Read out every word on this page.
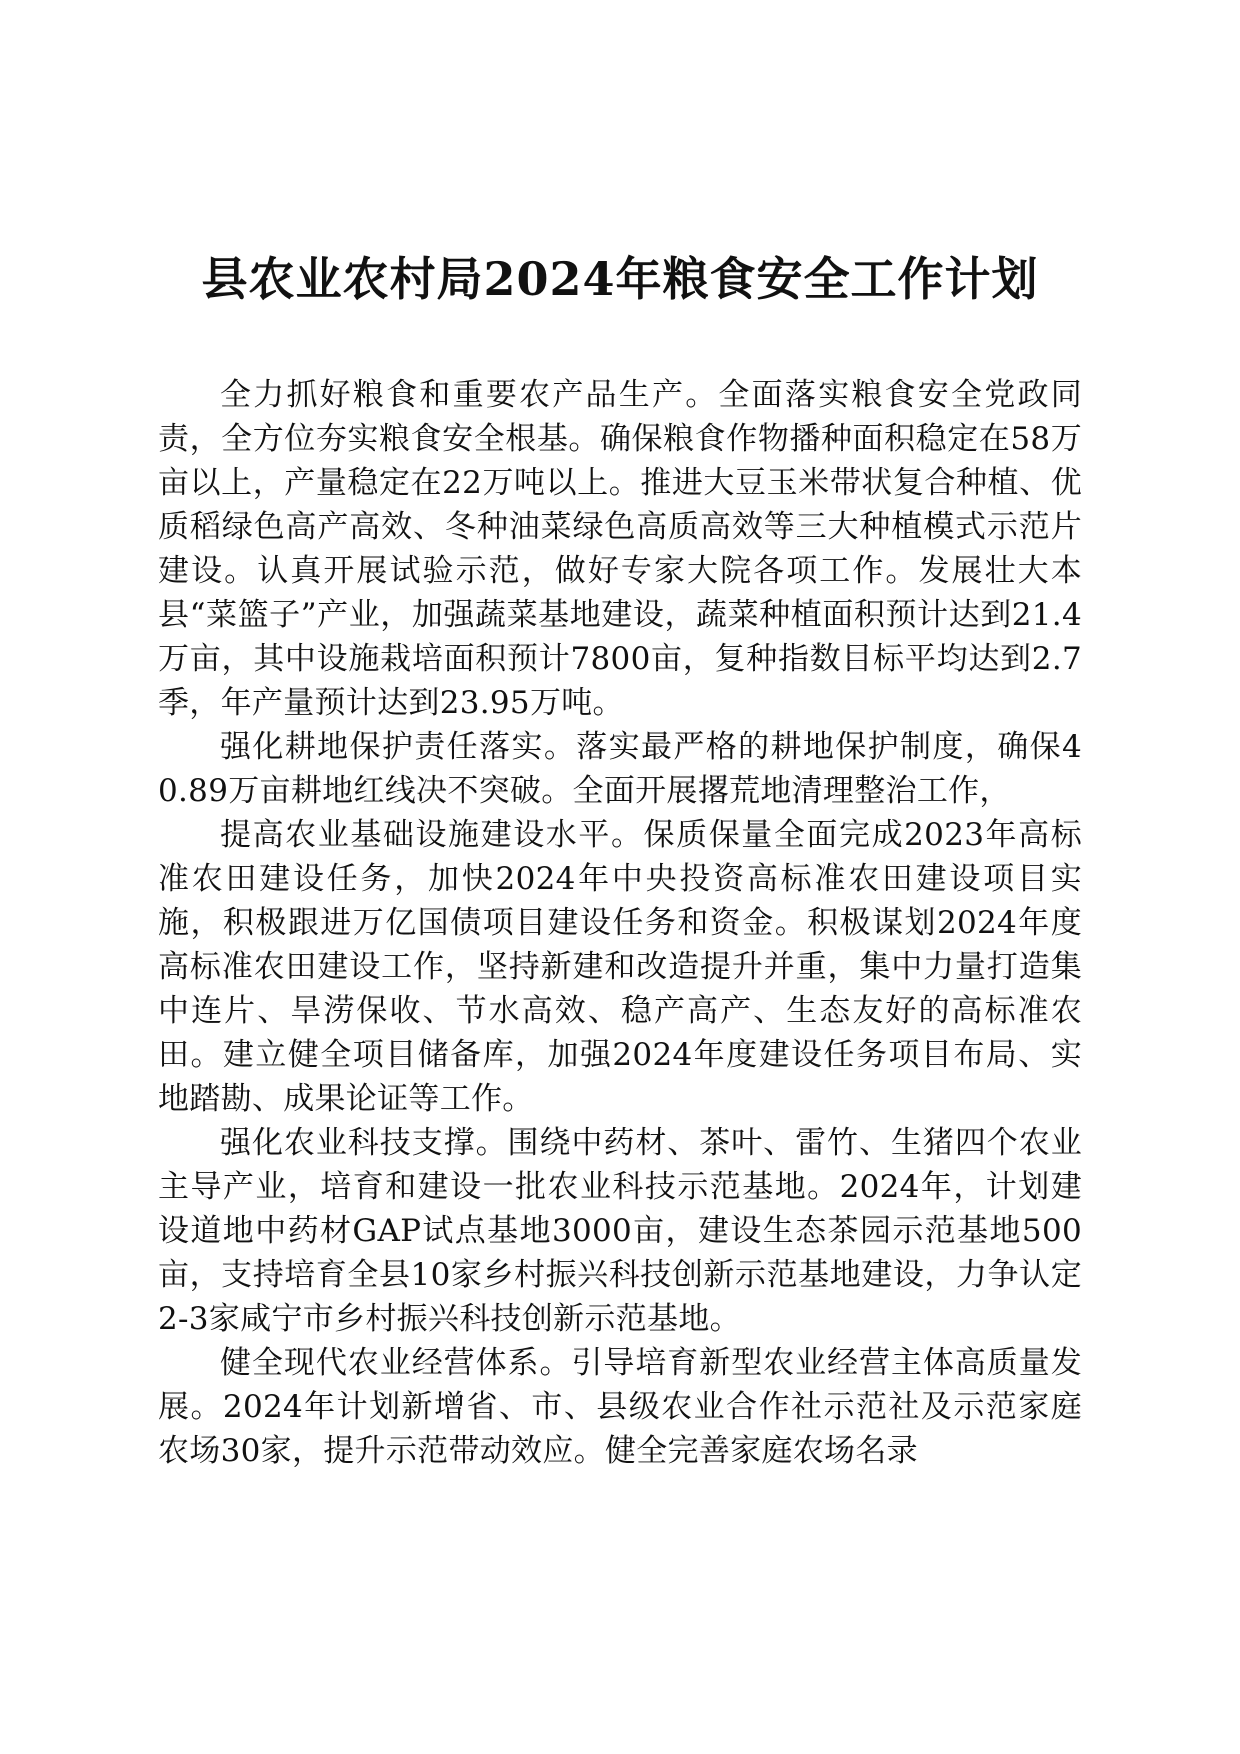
县农业农村局2024年粮食安全工作计划

全力抓好粮食和重要农产品生产。全面落实粮食安全党政同责，全方位夯实粮食安全根基。确保粮食作物播种面积稳定在58万亩以上，产量稳定在22万吨以上。推进大豆玉米带状复合种植、优质稻绿色高产高效、冬种油菜绿色高质高效等三大种植模式示范片建设。认真开展试验示范，做好专家大院各项工作。发展壮大本县“菜篮子”产业，加强蔬菜基地建设，蔬菜种植面积预计达到21.4万亩，其中设施栽培面积预计7800亩，复种指数目标平均达到2.7季，年产量预计达到23.95万吨。

强化耕地保护责任落实。落实最严格的耕地保护制度，确保40.89万亩耕地红线决不突破。全面开展撂荒地清理整治工作，

提高农业基础设施建设水平。保质保量全面完成2023年高标准农田建设任务，加快2024年中央投资高标准农田建设项目实施，积极跟进万亿国债项目建设任务和资金。积极谋划2024年度高标准农田建设工作，坚持新建和改造提升并重，集中力量打造集中连片、旱涝保收、节水高效、稳产高产、生态友好的高标准农田。建立健全项目储备库，加强2024年度建设任务项目布局、实地踏勘、成果论证等工作。

强化农业科技支撑。围绕中药材、茶叶、雷竹、生猪四个农业主导产业，培育和建设一批农业科技示范基地。2024年，计划建设道地中药材GAP试点基地3000亩，建设生态茶园示范基地500亩，支持培育全县10家乡村振兴科技创新示范基地建设，力争认定2-3家咸宁市乡村振兴科技创新示范基地。

健全现代农业经营体系。引导培育新型农业经营主体高质量发展。2024年计划新增省、市、县级农业合作社示范社及示范家庭农场30家，提升示范带动效应。健全完善家庭农场名录
